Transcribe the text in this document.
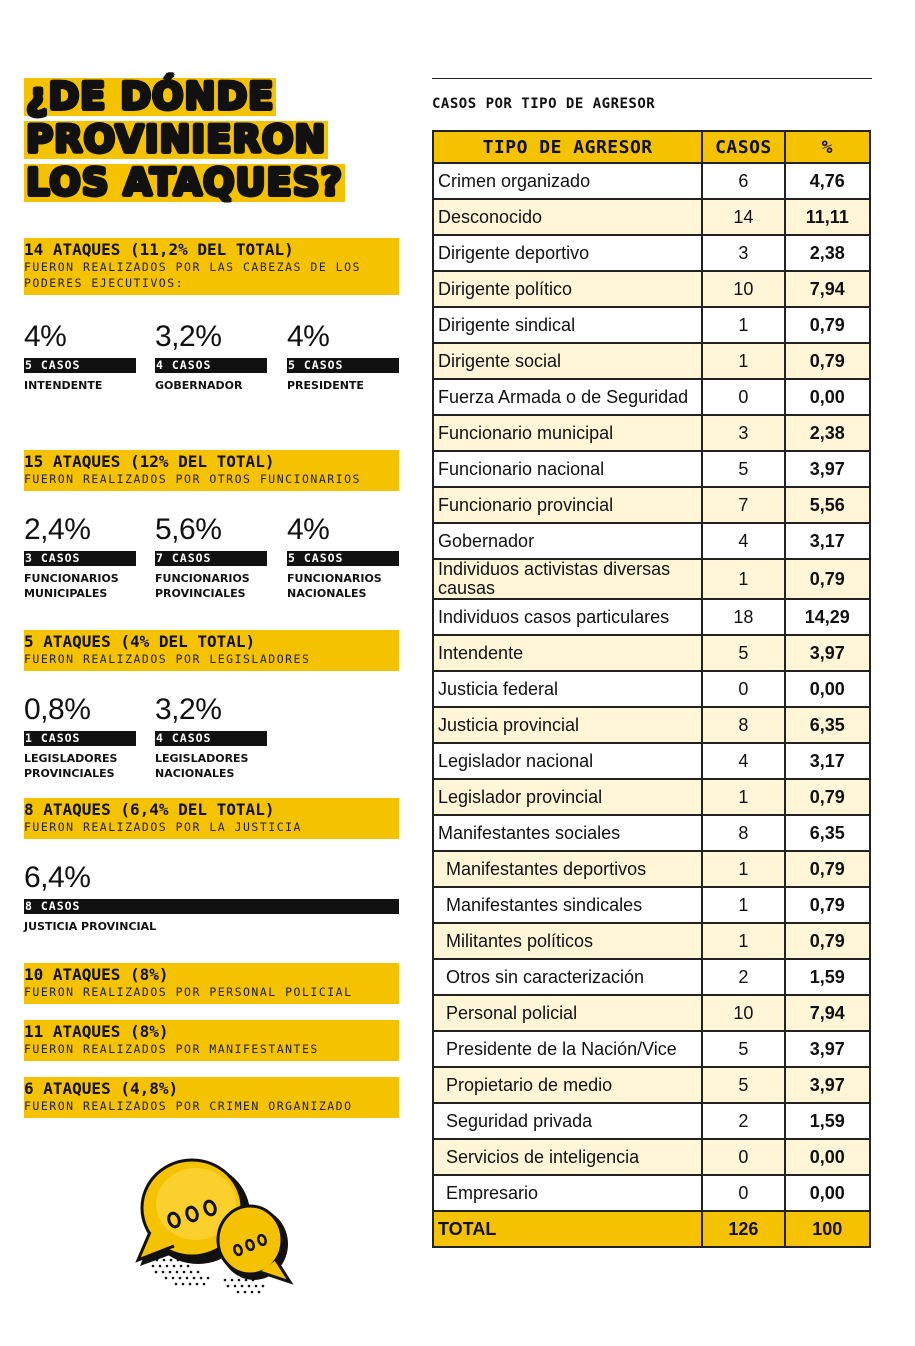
¿DE DÓNDE
PROVINIERON
LOS ATAQUES?
14 ATAQUES (11,2% DEL TOTAL)
FUERON REALIZADOS POR LAS CABEZAS DE LOS PODERES EJECUTIVOS:
4%
5 CASOS
INTENDENTE
3,2%
4 CASOS
GOBERNADOR
4%
5 CASOS
PRESIDENTE
15 ATAQUES (12% DEL TOTAL)
FUERON REALIZADOS POR OTROS FUNCIONARIOS
2,4%
3 CASOS
FUNCIONARIOS MUNICIPALES
5,6%
7 CASOS
FUNCIONARIOS PROVINCIALES
4%
5 CASOS
FUNCIONARIOS NACIONALES
5 ATAQUES (4% DEL TOTAL)
FUERON REALIZADOS POR LEGISLADORES
0,8%
1 CASOS
LEGISLADORES PROVINCIALES
3,2%
4 CASOS
LEGISLADORES NACIONALES
8 ATAQUES (6,4% DEL TOTAL)
FUERON REALIZADOS POR LA JUSTICIA
6,4%
8 CASOS
JUSTICIA PROVINCIAL
10 ATAQUES (8%)
FUERON REALIZADOS POR PERSONAL POLICIAL
11 ATAQUES (8%)
FUERON REALIZADOS POR MANIFESTANTES
6 ATAQUES (4,8%)
FUERON REALIZADOS POR CRIMEN ORGANIZADO
CASOS POR TIPO DE AGRESOR
TIPO DE AGRESOR	CASOS	%
Crimen organizado	6	4,76
Desconocido	14	11,11
Dirigente deportivo	3	2,38
Dirigente político	10	7,94
Dirigente sindical	1	0,79
Dirigente social	1	0,79
Fuerza Armada o de Seguridad	0	0,00
Funcionario municipal	3	2,38
Funcionario nacional	5	3,97
Funcionario provincial	7	5,56
Gobernador	4	3,17
Individuos activistas diversas causas	1	0,79
Individuos casos particulares	18	14,29
Intendente	5	3,97
Justicia federal	0	0,00
Justicia provincial	8	6,35
Legislador nacional	4	3,17
Legislador provincial	1	0,79
Manifestantes sociales	8	6,35
Manifestantes deportivos	1	0,79
Manifestantes sindicales	1	0,79
Militantes políticos	1	0,79
Otros sin caracterización	2	1,59
Personal policial	10	7,94
Presidente de la Nación/Vice	5	3,97
Propietario de medio	5	3,97
Seguridad privada	2	1,59
Servicios de inteligencia	0	0,00
Empresario	0	0,00
TOTAL	126	100
